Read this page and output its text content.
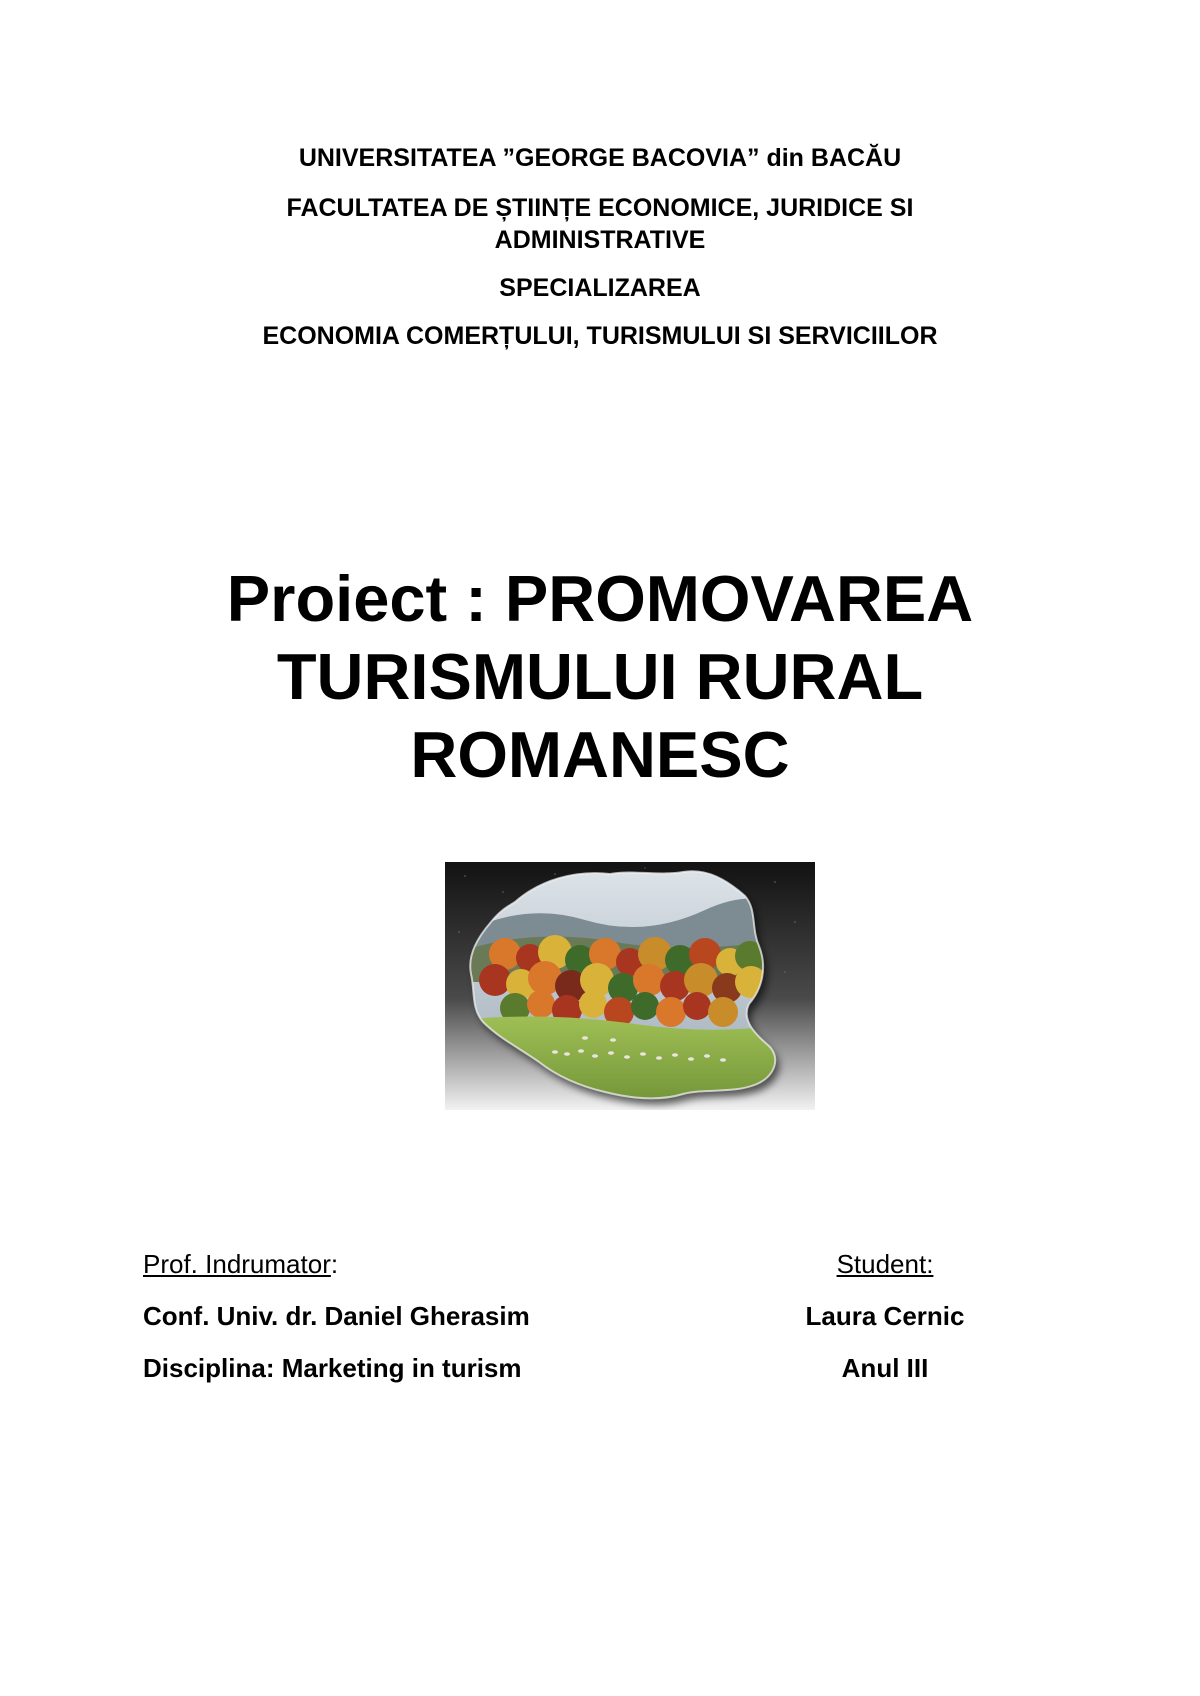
UNIVERSITATEA ”GEORGE BACOVIA” din BACĂU
FACULTATEA DE ȘTIINȚE ECONOMICE, JURIDICE SI ADMINISTRATIVE
SPECIALIZAREA
ECONOMIA COMERȚULUI, TURISMULUI SI SERVICIILOR
Proiect : PROMOVAREA
TURISMULUI RURAL
ROMANESC
Prof. Indrumator:
Conf. Univ. dr. Daniel Gherasim
Disciplina: Marketing in turism
Student:
Laura Cernic
Anul III
